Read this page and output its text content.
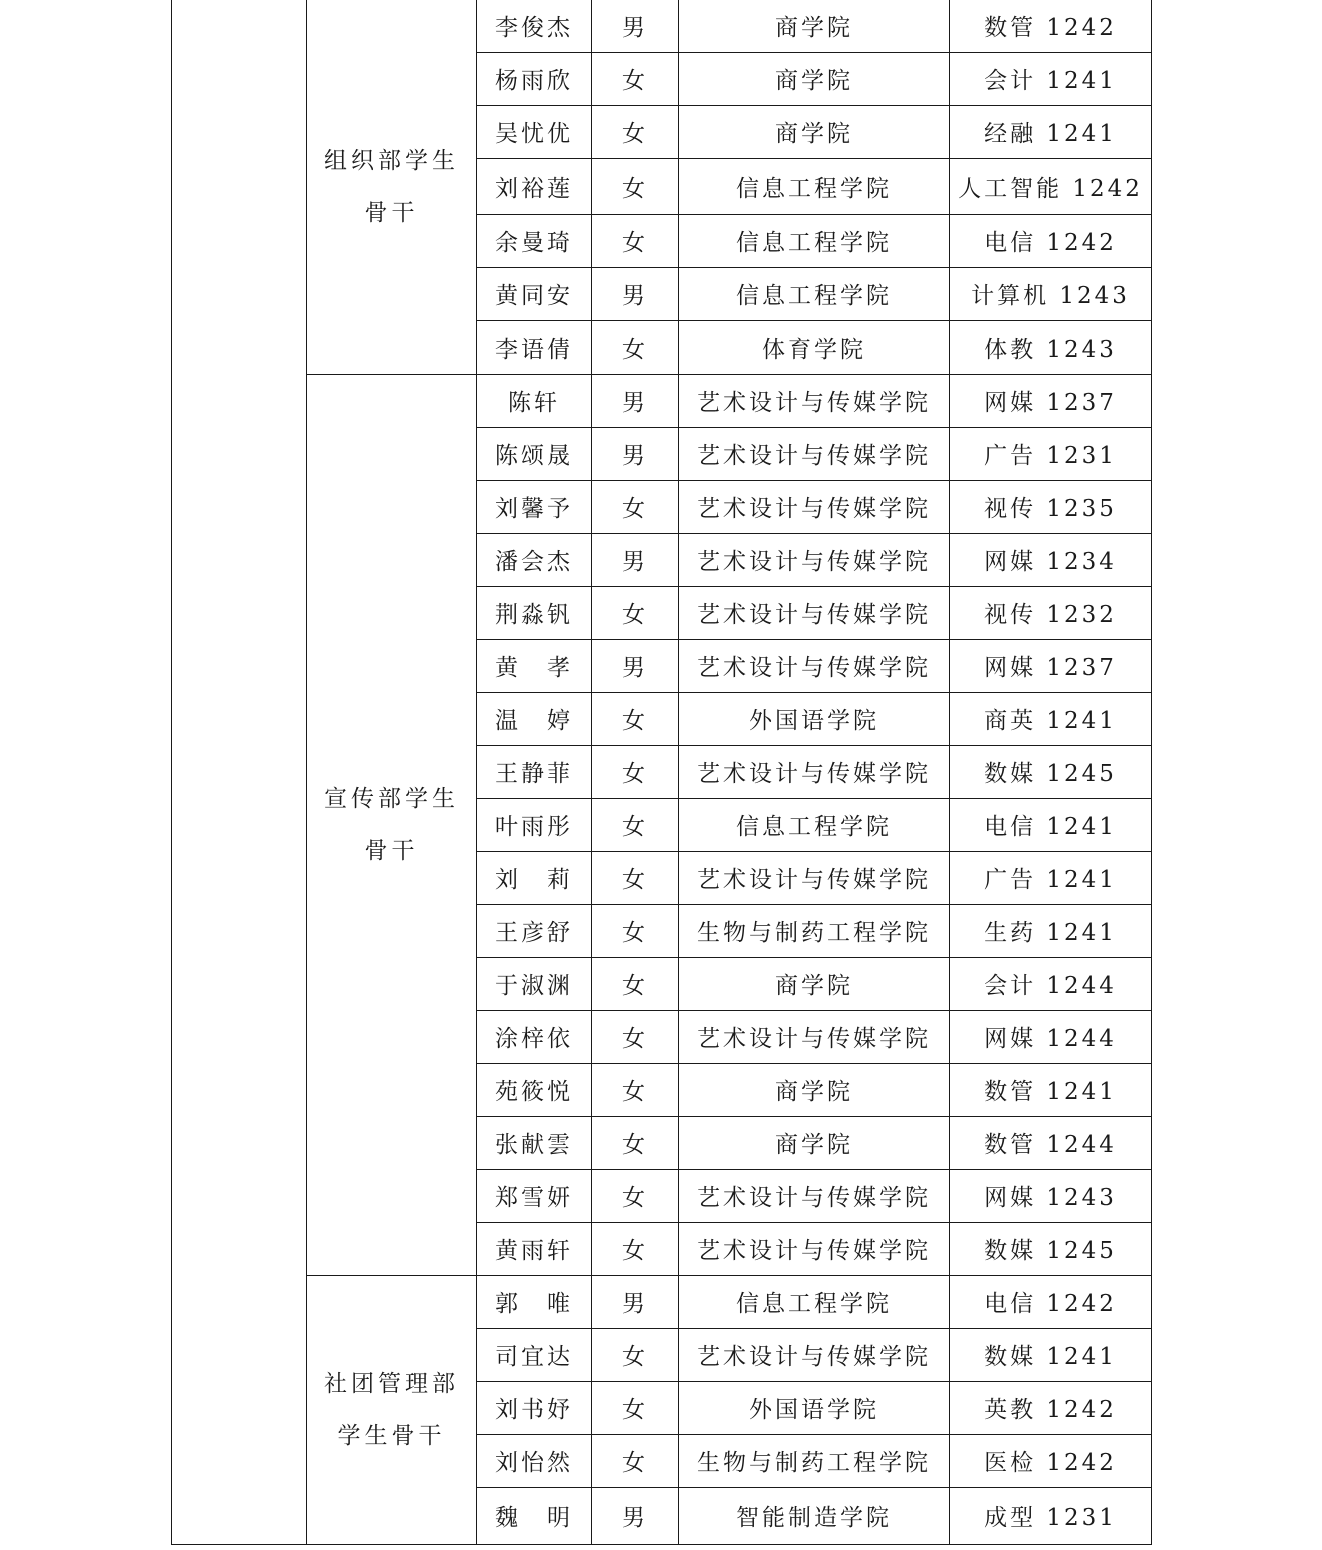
	组织部学生
骨干	李俊杰	男	商学院	数管 1242
		杨雨欣	女	商学院	会计 1241
		吴忧优	女	商学院	经融 1241
		刘裕莲	女	信息工程学院	人工智能 1242
		余曼琦	女	信息工程学院	电信 1242
		黄同安	男	信息工程学院	计算机 1243
		李语倩	女	体育学院	体教 1243

	宣传部学生
骨干	陈轩	男	艺术设计与传媒学院	网媒 1237
		陈颂晟	男	艺术设计与传媒学院	广告 1231
		刘馨予	女	艺术设计与传媒学院	视传 1235
		潘会杰	男	艺术设计与传媒学院	网媒 1234
		荆淼钒	女	艺术设计与传媒学院	视传 1232
		黄　孝	男	艺术设计与传媒学院	网媒 1237
		温　婷	女	外国语学院	商英 1241
		王静菲	女	艺术设计与传媒学院	数媒 1245
		叶雨彤	女	信息工程学院	电信 1241
		刘　莉	女	艺术设计与传媒学院	广告 1241
		王彦舒	女	生物与制药工程学院	生药 1241
		于淑渊	女	商学院	会计 1244
		涂梓依	女	艺术设计与传媒学院	网媒 1244
		苑筱悦	女	商学院	数管 1241
		张献雲	女	商学院	数管 1244
		郑雪妍	女	艺术设计与传媒学院	网媒 1243
		黄雨轩	女	艺术设计与传媒学院	数媒 1245

	社团管理部
学生骨干	郭　唯	男	信息工程学院	电信 1242
		司宜达	女	艺术设计与传媒学院	数媒 1241
		刘书妤	女	外国语学院	英教 1242
		刘怡然	女	生物与制药工程学院	医检 1242
		魏　明	男	智能制造学院	成型 1231
